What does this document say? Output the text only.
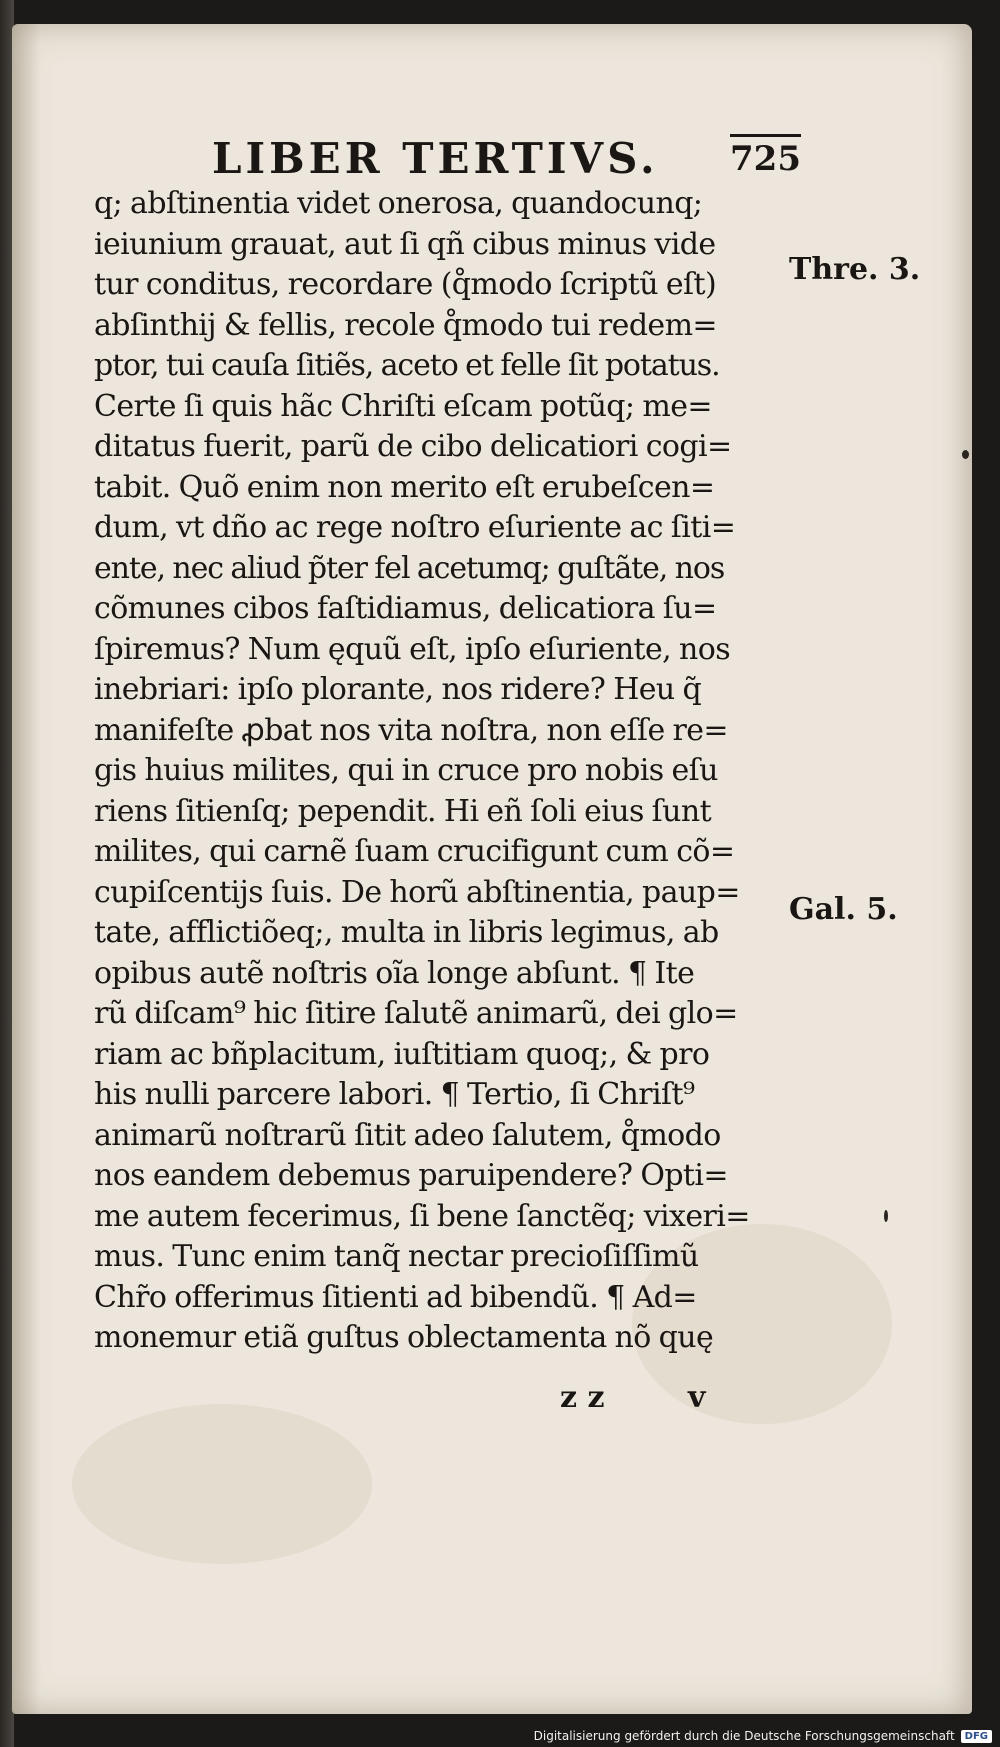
LIBER TERTIVS. 725
q; abſtinentia videt onerosa, quandocunq;
ieiunium grauat, aut ſi qñ cibus minus vide
tur conditus, recordare (q̊modo ſcriptũ eſt)
abſinthij & fellis, recole q̊modo tui redem=
ptor, tui cauſa ſitiẽs, aceto et felle ſit potatus.
Certe ſi quis hãc Chriſti eſcam potũq; me=
ditatus fuerit, parũ de cibo delicatiori cogi=
tabit. Quõ enim non merito eſt erubeſcen=
dum, vt dño ac rege noſtro eſuriente ac ſiti=
ente, nec aliud p̃ter fel acetumq; guſtãte, nos
cõmunes cibos faſtidiamus, delicatiora ſu=
ſpiremus? Num ęquũ eſt, ipſo eſuriente, nos
inebriari: ipſo plorante, nos ridere? Heu q̃
manifeſte ꝓbat nos vita noſtra, non eſſe re=
gis huius milites, qui in cruce pro nobis eſu
riens ſitienſq; pependit. Hi eñ ſoli eius ſunt
milites, qui carnẽ ſuam crucifigunt cum cõ=
cupiſcentijs ſuis. De horũ abſtinentia, paup=
tate, afflictiõeq;, multa in libris legimus, ab
opibus autẽ noſtris oĩa longe abſunt. ¶ Ite
rũ diſcam⁹ hic ſitire ſalutẽ animarũ, dei glo=
riam ac bñplacitum, iuſtitiam quoq;, & pro
his nulli parcere labori. ¶ Tertio, ſi Chriſt⁹
animarũ noſtrarũ ſitit adeo ſalutem, q̊modo
nos eandem debemus paruipendere? Opti=
me autem fecerimus, ſi bene ſanctẽq; vixeri=
mus. Tunc enim tanq̃ nectar precioſiſſimũ
Chr̃o offerimus ſitienti ad bibendũ. ¶ Ad=
monemur etiã guſtus oblectamenta nõ quę
Thre. 3.
Gal. 5.
z z	v
Digitalisierung gefördert durch die Deutsche Forschungsgemeinschaft	DFG
